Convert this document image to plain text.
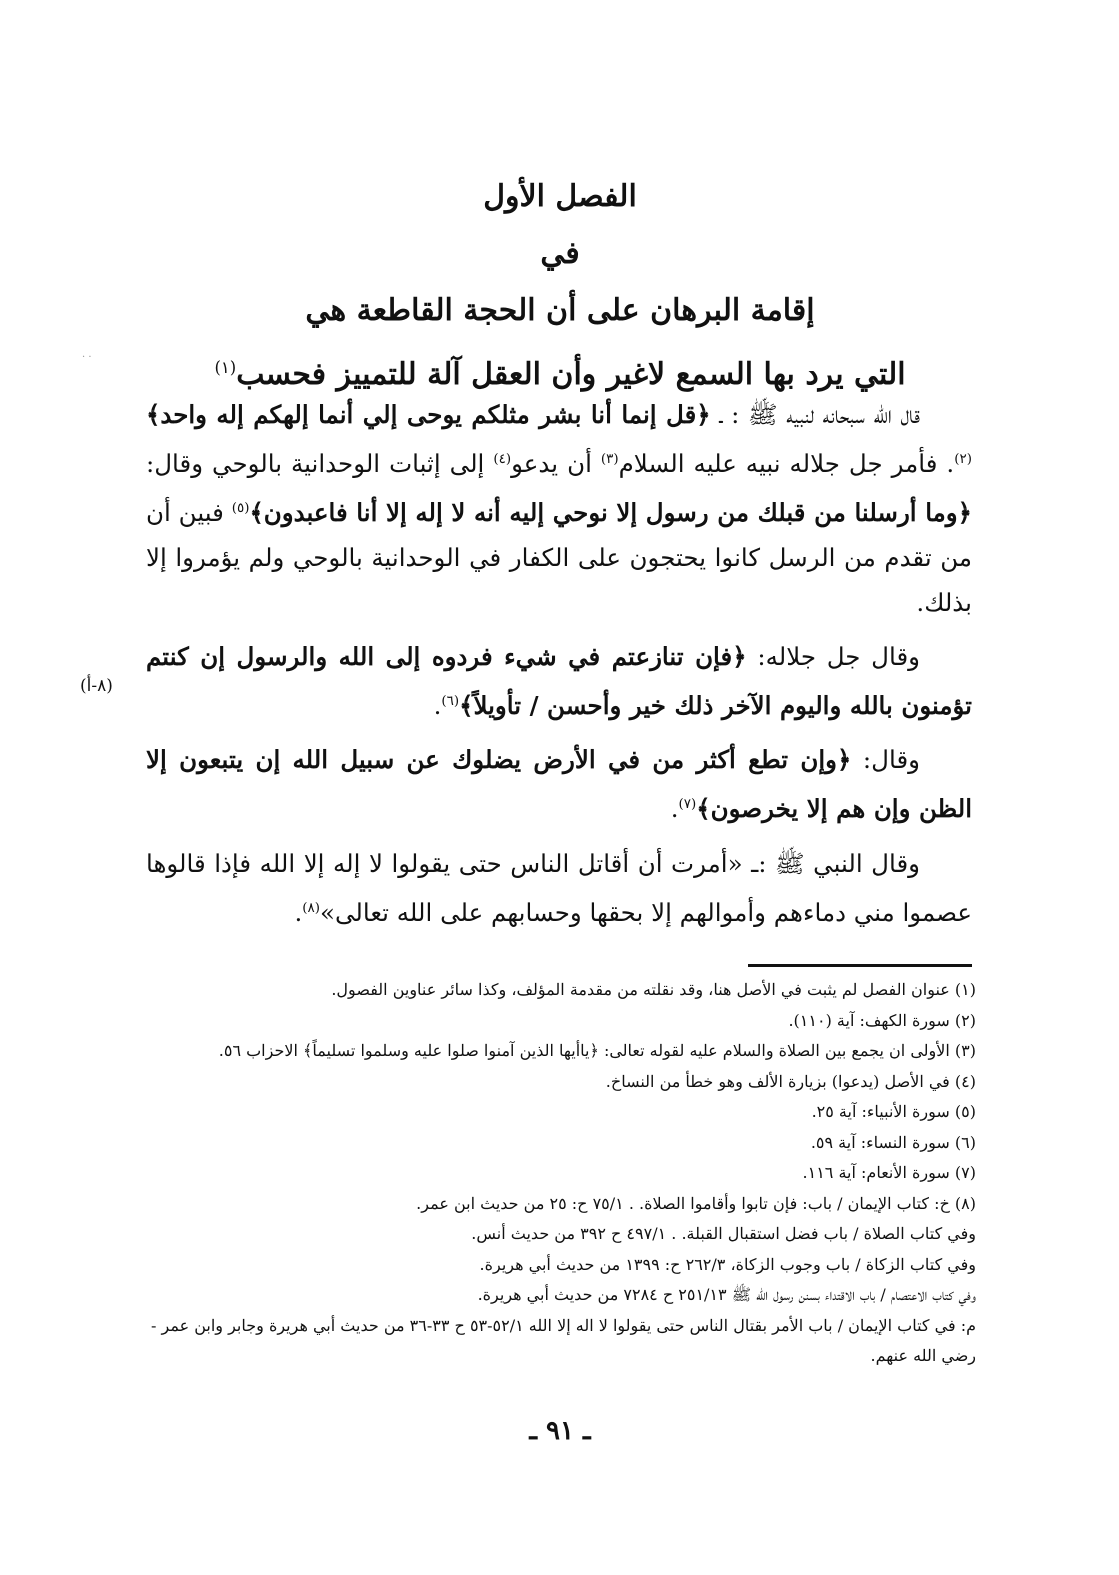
· ·
الفصل الأول
في
إقامة البرهان على أن الحجة القاطعة هي
التي يرد بها السمع لاغير وأن العقل آلة للتمييز فحسب$^{(١)}$

قال الله سبحانه لنبيه ﷺ : ـ ﴿قل إنما أنا بشر مثلكم يوحى إلي أنما إلهكم إله واحد﴾$^{(٢)}$. فأمر جل جلاله نبيه عليه السلام$^{(٣)}$ أن يدعو$^{(٤)}$ إلى إثبات الوحدانية بالوحي وقال: ﴿وما أرسلنا من قبلك من رسول إلا نوحي إليه أنه لا إله إلا أنا فاعبدون﴾$^{(٥)}$ فبين أن من تقدم من الرسل كانوا يحتجون على الكفار في الوحدانية بالوحي ولم يؤمروا إلا بذلك.

وقال جل جلاله: ﴿فإن تنازعتم في شيء فردوه إلى الله والرسول إن كنتم تؤمنون بالله واليوم الآخر ذلك خير وأحسن / تأويلاً﴾$^{(٦)}$.

وقال: ﴿وإن تطع أكثر من في الأرض يضلوك عن سبيل الله إن يتبعون إلا الظن وإن هم إلا يخرصون﴾$^{(٧)}$.

وقال النبي ﷺ :ـ «أمرت أن أقاتل الناس حتى يقولوا لا إله إلا الله فإذا قالوها عصموا مني دماءهم وأموالهم إلا بحقها وحسابهم على الله تعالى»$^{(٨)}$.

(٨-أ)
(١) عنوان الفصل لم يثبت في الأصل هنا، وقد نقلته من مقدمة المؤلف، وكذا سائر عناوين الفصول.
(٢) سورة الكهف: آية (١١٠).
(٣) الأولى ان يجمع بين الصلاة والسلام عليه لقوله تعالى: ﴿ياأيها الذين آمنوا صلوا عليه وسلموا تسليماً﴾ الاحزاب ٥٦.
(٤) في الأصل (يدعوا) بزيارة الألف وهو خطأ من النساخ.
(٥) سورة الأنبياء: آية ٢٥.
(٦) سورة النساء: آية ٥٩.
(٧) سورة الأنعام: آية ١١٦.
(٨) خ: كتاب الإيمان / باب: فإن تابوا وأقاموا الصلاة. . ٧٥/١ ح: ٢٥ من حديث ابن عمر.
وفي كتاب الصلاة / باب فضل استقبال القبلة. . ٤٩٧/١ ح ٣٩٢ من حديث أنس.
وفي كتاب الزكاة / باب وجوب الزكاة، ٢٦٢/٣ ح: ١٣٩٩ من حديث أبي هريرة.
وفي كتاب الاعتصام / باب الاقتداء بسنن رسول الله ﷺ ٢٥١/١٣ ح ٧٢٨٤ من حديث أبي هريرة.
م: في كتاب الإيمان / باب الأمر بقتال الناس حتى يقولوا لا اله إلا الله ٥٢/١-٥٣ ح ٣٣-٣٦ من حديث أبي هريرة وجابر وابن عمر - رضي الله عنهم.
ـ ٩١ ـ
